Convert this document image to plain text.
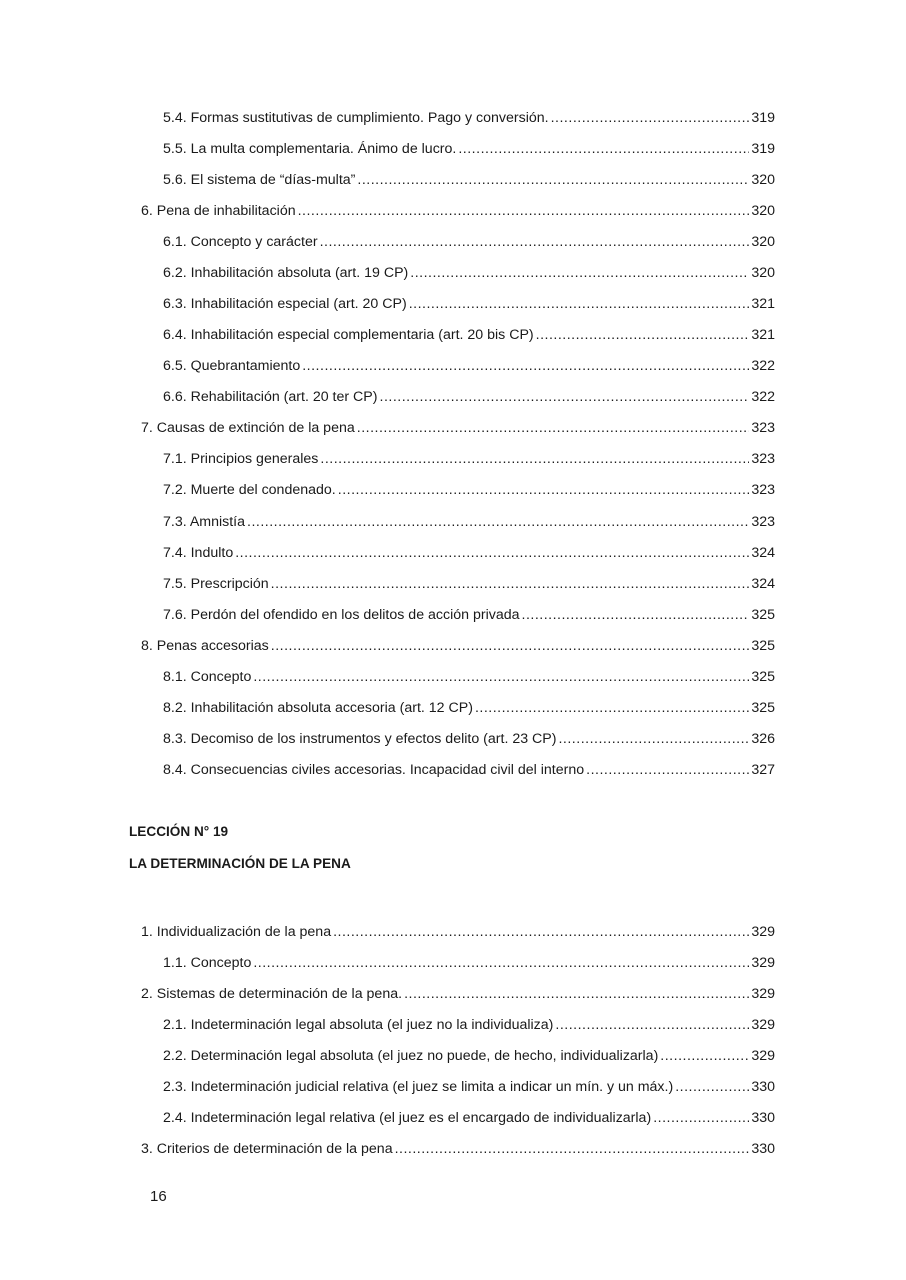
5.4. Formas sustitutivas de cumplimiento. Pago y conversión. .....	319
5.5. La multa complementaria. Ánimo de lucro. .....	319
5.6. El sistema de “días-multa” .....	320
6. Pena de inhabilitación .....	320
6.1. Concepto y carácter .....	320
6.2. Inhabilitación absoluta (art. 19 CP) .....	320
6.3. Inhabilitación especial (art. 20 CP) .....	321
6.4. Inhabilitación especial complementaria (art. 20 bis CP) .....	321
6.5. Quebrantamiento .....	322
6.6. Rehabilitación (art. 20 ter CP) .....	322
7. Causas de extinción de la pena .....	323
7.1. Principios generales .....	323
7.2. Muerte del condenado. .....	323
7.3. Amnistía .....	323
7.4. Indulto .....	324
7.5. Prescripción .....	324
7.6. Perdón del ofendido en los delitos de acción privada .....	325
8. Penas accesorias .....	325
8.1. Concepto .....	325
8.2. Inhabilitación absoluta accesoria (art. 12 CP) .....	325
8.3. Decomiso de los instrumentos y efectos delito (art. 23 CP) .....	326
8.4. Consecuencias civiles accesorias. Incapacidad civil del interno .....	327
LECCIÓN N° 19
LA DETERMINACIÓN DE LA PENA
1. Individualización de la pena .....	329
1.1. Concepto .....	329
2. Sistemas de determinación de la pena. .....	329
2.1. Indeterminación legal absoluta (el juez no la individualiza) .....	329
2.2. Determinación legal absoluta (el juez no puede, de hecho, individualizarla) .....	329
2.3. Indeterminación judicial relativa (el juez se limita a indicar un mín. y un máx.) .....	330
2.4. Indeterminación legal relativa (el juez es el encargado de individualizarla) .....	330
3. Criterios de determinación de la pena .....	330
16
